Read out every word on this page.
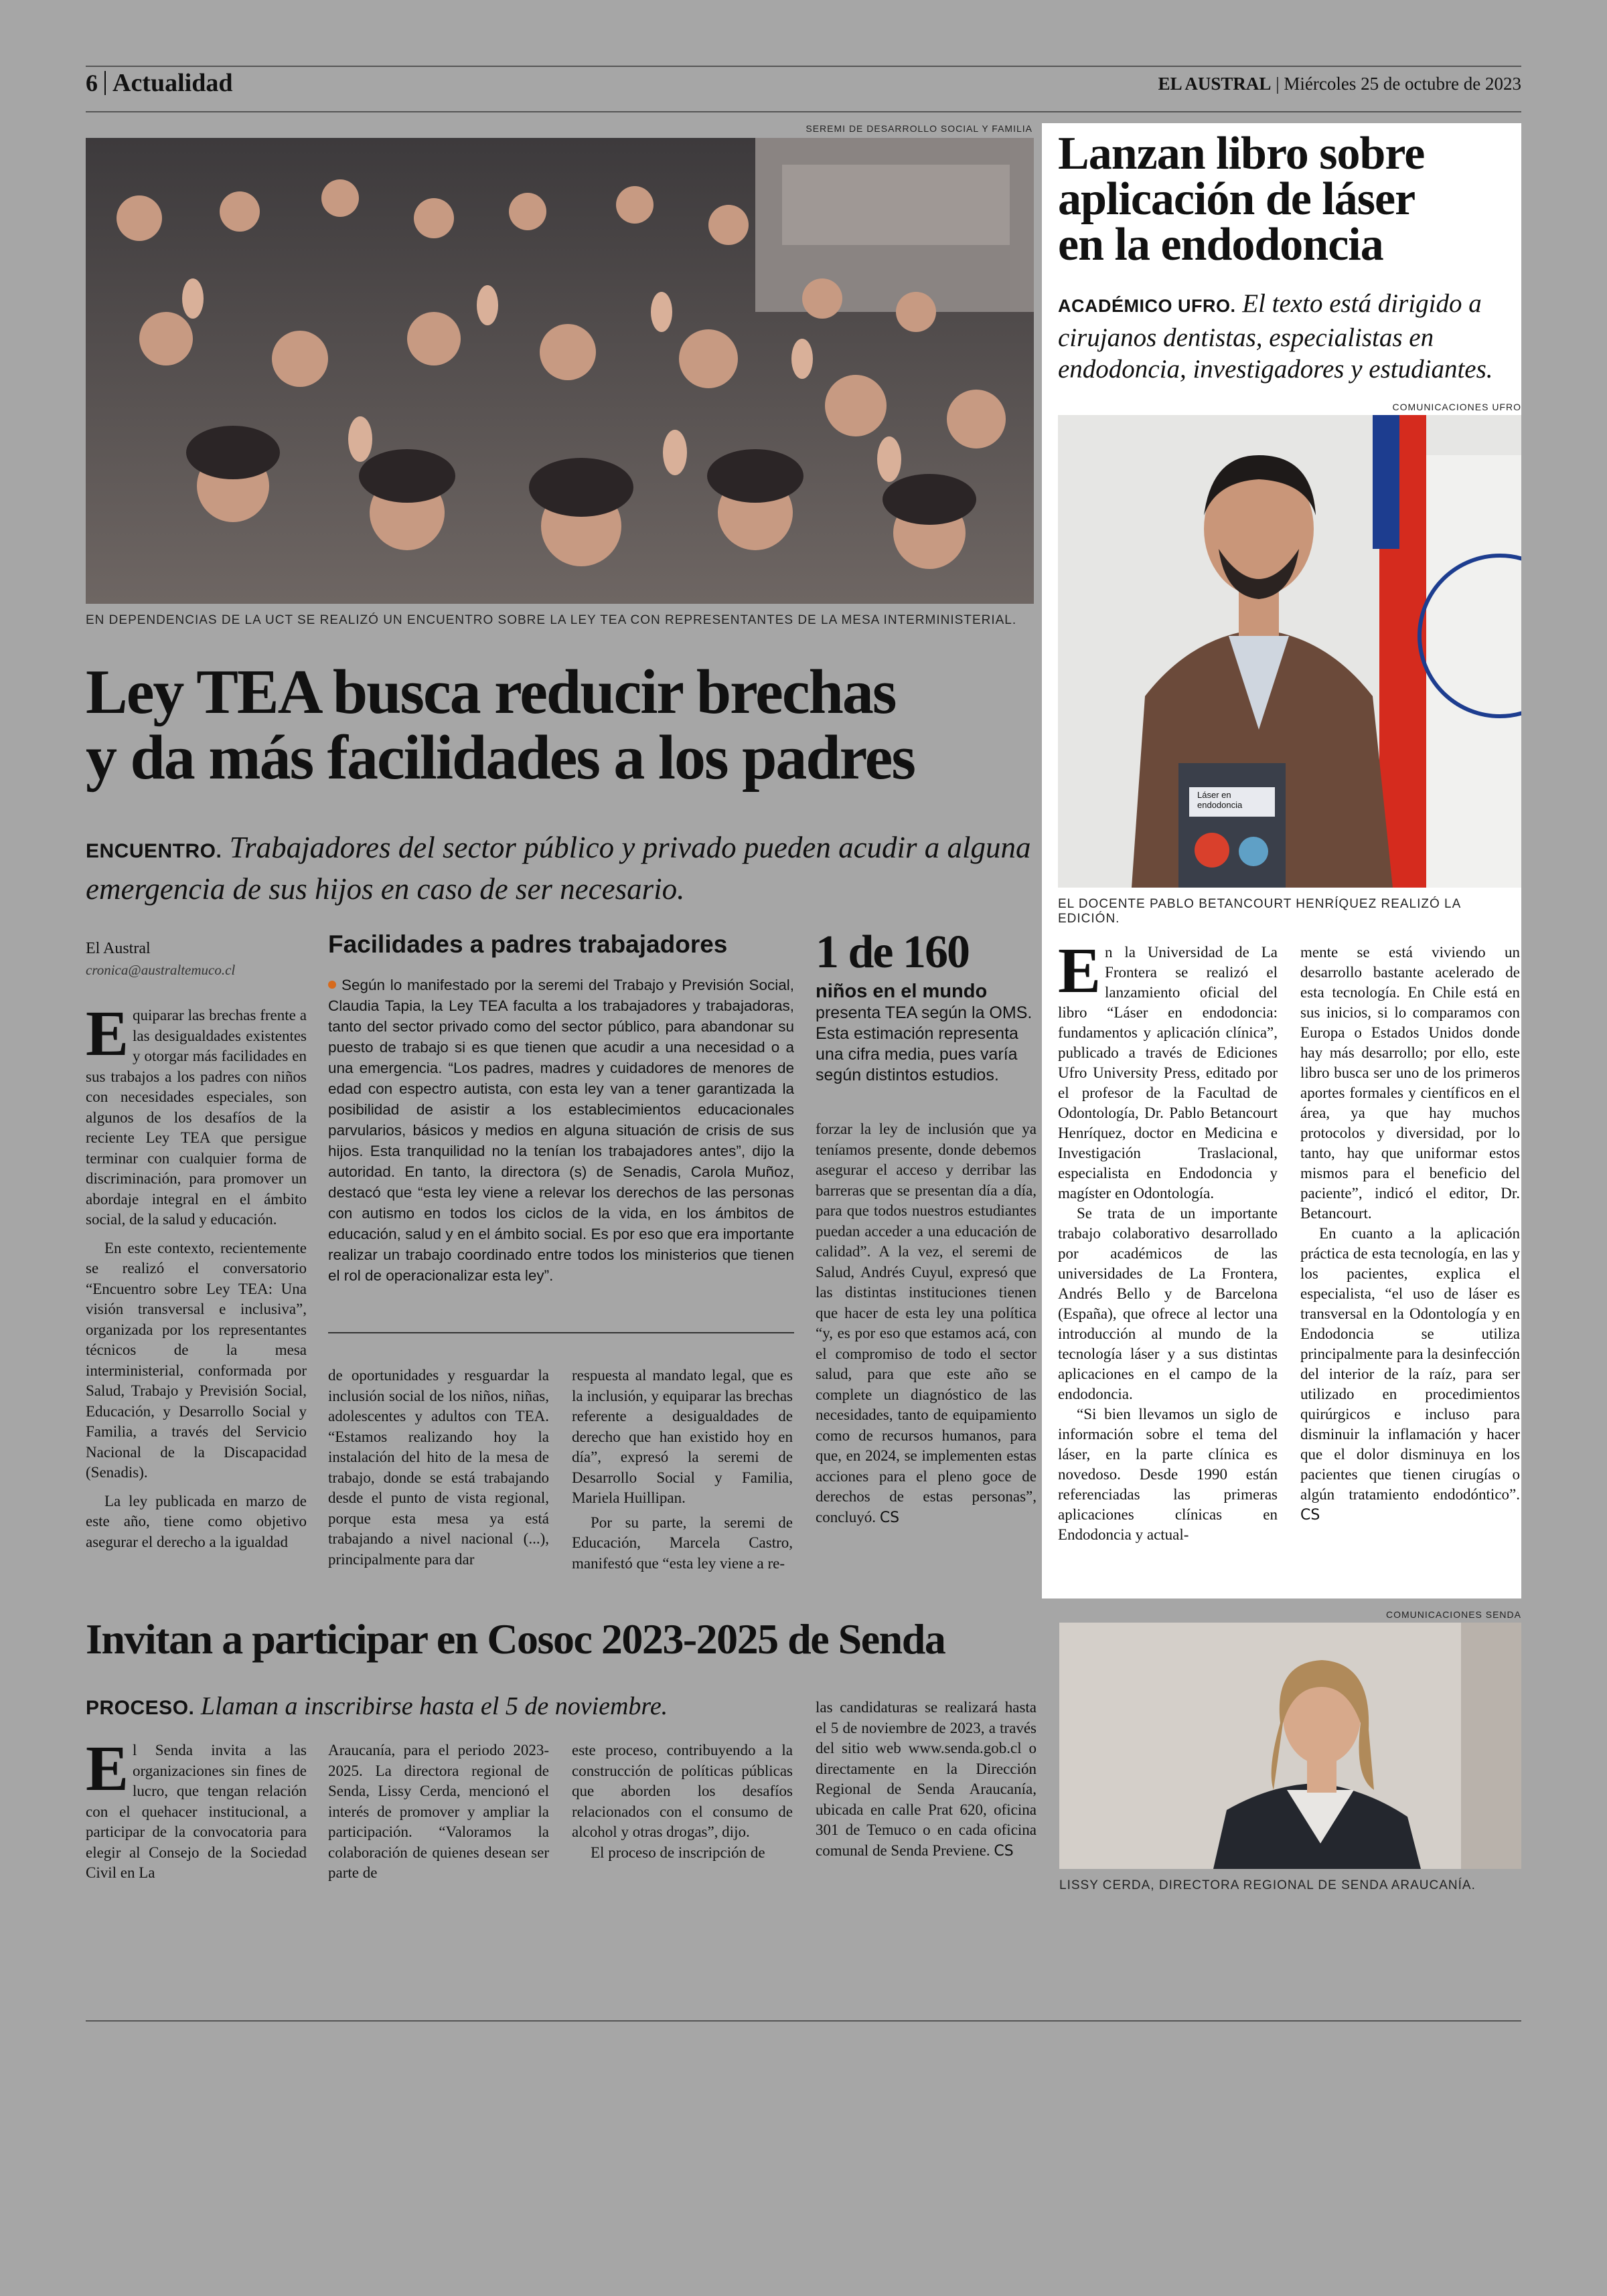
6 Actualidad	EL AUSTRAL | Miércoles 25 de octubre de 2023
SEREMI DE DESARROLLO SOCIAL Y FAMILIA
EN DEPENDENCIAS DE LA UCT SE REALIZÓ UN ENCUENTRO SOBRE LA LEY TEA CON REPRESENTANTES DE LA MESA INTERMINISTERIAL.
Ley TEA busca reducir brechas
y da más facilidades a los padres
ENCUENTRO. Trabajadores del sector público y privado pueden acudir a alguna emergencia de sus hijos en caso de ser necesario.
El Austral
cronica@australtemuco.cl

Equiparar las brechas frente a las desigualdades existentes y otorgar más facilidades en sus trabajos a los padres con niños con necesidades especiales, son algunos de los desafíos de la reciente Ley TEA que persigue terminar con cualquier forma de discriminación, para promover un abordaje integral en el ámbito social, de la salud y educación.

En este contexto, recientemente se realizó el conversatorio “Encuentro sobre Ley TEA: Una visión transversal e inclusiva”, organizada por los representantes técnicos de la mesa interministerial, conformada por Salud, Trabajo y Previsión Social, Educación, y Desarrollo Social y Familia, a través del Servicio Nacional de la Discapacidad (Senadis).

La ley publicada en marzo de este año, tiene como objetivo asegurar el derecho a la igualdad

Facilidades a padres trabajadores
Según lo manifestado por la seremi del Trabajo y Previsión Social, Claudia Tapia, la Ley TEA faculta a los trabajadores y trabajadoras, tanto del sector privado como del sector público, para abandonar su puesto de trabajo si es que tienen que acudir a una necesidad o a una emergencia. “Los padres, madres y cuidadores de menores de edad con espectro autista, con esta ley van a tener garantizada la posibilidad de asistir a los establecimientos educacionales parvularios, básicos y medios en alguna situación de crisis de sus hijos. Esta tranquilidad no la tenían los trabajadores antes”, dijo la autoridad. En tanto, la directora (s) de Senadis, Carola Muñoz, destacó que “esta ley viene a relevar los derechos de las personas con autismo en todos los ciclos de la vida, en los ámbitos de educación, salud y en el ámbito social. Es por eso que era importante realizar un trabajo coordinado entre todos los ministerios que tienen el rol de operacionalizar esta ley”.
1 de 160
niños en el mundo presenta TEA según la OMS. Esta estimación representa una cifra media, pues varía según distintos estudios.

forzar la ley de inclusión que ya teníamos presente, donde debemos asegurar el acceso y derribar las barreras que se presentan día a día, para que todos nuestros estudiantes puedan acceder a una educación de calidad”. A la vez, el seremi de Salud, Andrés Cuyul, expresó que las distintas instituciones tienen que hacer de esta ley una política “y, es por eso que estamos acá, con el compromiso de todo el sector salud, para que este año se complete un diagnóstico de las necesidades, tanto de equipamiento como de recursos humanos, para que, en 2024, se implementen estas acciones para el pleno goce de derechos de estas personas”, concluyó. CS

de oportunidades y resguardar la inclusión social de los niños, niñas, adolescentes y adultos con TEA. “Estamos realizando hoy la instalación del hito de la mesa de trabajo, donde se está trabajando desde el punto de vista regional, porque esta mesa ya está trabajando a nivel nacional (...), principalmente para dar

respuesta al mandato legal, que es la inclusión, y equiparar las brechas referente a desigualdades de derecho que han existido hoy en día”, expresó la seremi de Desarrollo Social y Familia, Mariela Huillipan.

Por su parte, la seremi de Educación, Marcela Castro, manifestó que “esta ley viene a re-

Lanzan libro sobre
aplicación de láser
en la endodoncia
ACADÉMICO UFRO. El texto está dirigido a cirujanos dentistas, especialistas en endodoncia, investigadores y estudiantes.
COMUNICACIONES UFRO
Láser en endodoncia
EL DOCENTE PABLO BETANCOURT HENRÍQUEZ REALIZÓ LA EDICIÓN.

En la Universidad de La Frontera se realizó el lanzamiento oficial del libro “Láser en endodoncia: fundamentos y aplicación clínica”, publicado a través de Ediciones Ufro University Press, editado por el profesor de la Facultad de Odontología, Dr. Pablo Betancourt Henríquez, doctor en Medicina e Investigación Traslacional, especialista en Endodoncia y magíster en Odontología.

Se trata de un importante trabajo colaborativo desarrollado por académicos de las universidades de La Frontera, Andrés Bello y de Barcelona (España), que ofrece al lector una introducción al mundo de la tecnología láser y a sus distintas aplicaciones en el campo de la endodoncia.

“Si bien llevamos un siglo de información sobre el tema del láser, en la parte clínica es novedoso. Desde 1990 están referenciadas las primeras aplicaciones clínicas en Endodoncia y actual-

mente se está viviendo un desarrollo bastante acelerado de esta tecnología. En Chile está en sus inicios, si lo comparamos con Europa o Estados Unidos donde hay más desarrollo; por ello, este libro busca ser uno de los primeros aportes formales y científicos en el área, ya que hay muchos protocolos y diversidad, por lo tanto, hay que uniformar estos mismos para el beneficio del paciente”, indicó el editor, Dr. Betancourt.

En cuanto a la aplicación práctica de esta tecnología, en las y los pacientes, explica el especialista, “el uso de láser es transversal en la Odontología y en Endodoncia se utiliza principalmente para la desinfección del interior de la raíz, para ser utilizado en procedimientos quirúrgicos e incluso para disminuir la inflamación y hacer que el dolor disminuya en los pacientes que tienen cirugías o algún tratamiento endodóntico”. CS

Invitan a participar en Cosoc 2023-2025 de Senda
PROCESO. Llaman a inscribirse hasta el 5 de noviembre.

El Senda invita a las organizaciones sin fines de lucro, que tengan relación con el quehacer institucional, a participar de la convocatoria para elegir al Consejo de la Sociedad Civil en La

Araucanía, para el periodo 2023-2025. La directora regional de Senda, Lissy Cerda, mencionó el interés de promover y ampliar la participación. “Valoramos la colaboración de quienes desean ser parte de

este proceso, contribuyendo a la construcción de políticas públicas que aborden los desafíos relacionados con el consumo de alcohol y otras drogas”, dijo.

El proceso de inscripción de

las candidaturas se realizará hasta el 5 de noviembre de 2023, a través del sitio web www.senda.gob.cl o directamente en la Dirección Regional de Senda Araucanía, ubicada en calle Prat 620, oficina 301 de Temuco o en cada oficina comunal de Senda Previene. CS

COMUNICACIONES SENDA
LISSY CERDA, DIRECTORA REGIONAL DE SENDA ARAUCANÍA.
